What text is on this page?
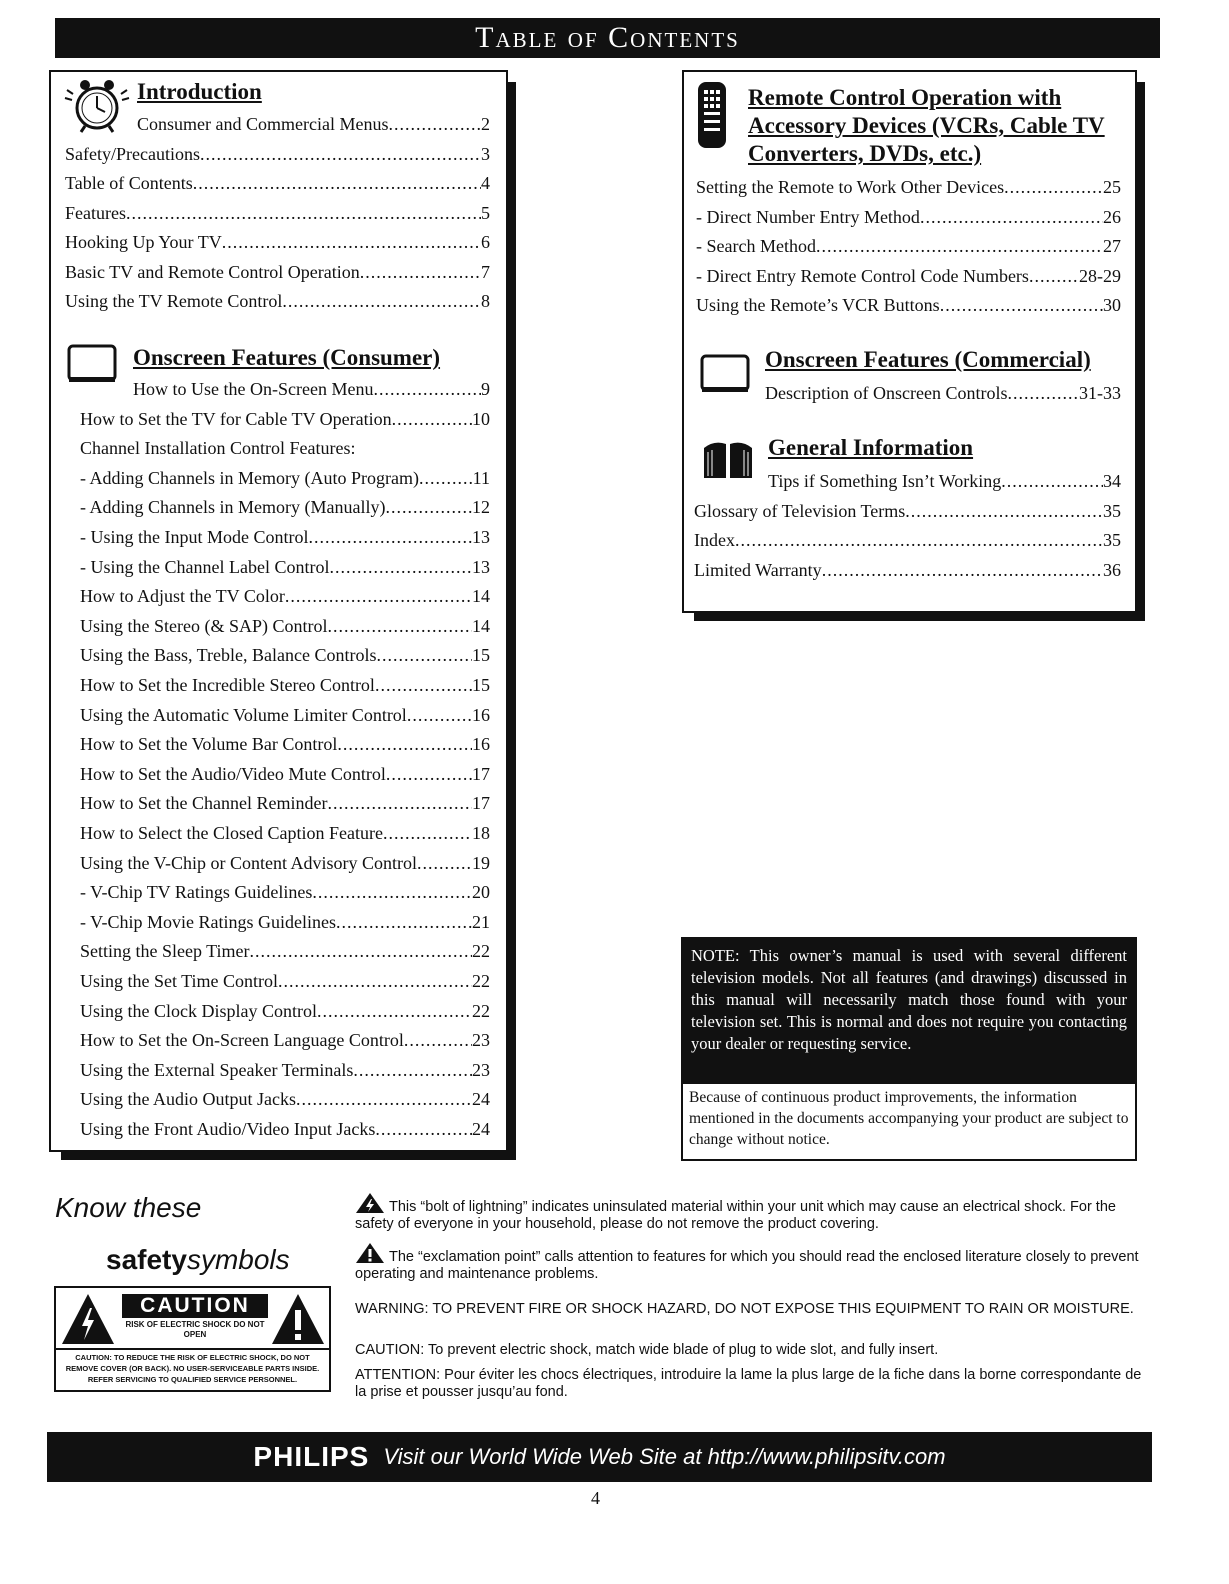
Table of Contents
Introduction
Consumer and Commercial Menus .....	2
Safety/Precautions .....	3
Table of Contents .....	4
Features .....	5
Hooking Up Your TV .....	6
Basic TV and Remote Control Operation .....	7
Using the TV Remote Control .....	8
Onscreen Features (Consumer)
How to Use the On-Screen Menu .....	9
How to Set the TV for Cable TV Operation .....	10
Channel Installation Control Features:
- Adding Channels in Memory (Auto Program) .....	11
- Adding Channels in Memory (Manually) .....	12
- Using the Input Mode Control .....	13
- Using the Channel Label Control .....	13
How to Adjust the TV Color .....	14
Using the Stereo (& SAP) Control .....	14
Using the Bass, Treble, Balance Controls .....	15
How to Set the Incredible Stereo Control .....	15
Using the Automatic Volume Limiter Control .....	16
How to Set the Volume Bar Control .....	16
How to Set the Audio/Video Mute Control .....	17
How to Set the Channel Reminder .....	17
How to Select the Closed Caption Feature .....	18
Using the V-Chip or Content Advisory Control .....	19
- V-Chip TV Ratings Guidelines .....	20
- V-Chip Movie Ratings Guidelines .....	21
Setting the Sleep Timer .....	22
Using the Set Time Control .....	22
Using the Clock Display Control .....	22
How to Set the On-Screen Language Control .....	23
Using the External Speaker Terminals .....	23
Using the Audio Output Jacks .....	24
Using the Front Audio/Video Input Jacks .....	24
Remote Control Operation with
Accessory Devices (VCRs, Cable TV
Converters, DVDs, etc.)
Setting the Remote to Work Other Devices .....	25
- Direct Number Entry Method .....	26
- Search Method .....	27
- Direct Entry Remote Control Code Numbers .....	28-29
Using the Remote’s VCR Buttons .....	30
Onscreen Features (Commercial)
Description of Onscreen Controls .....	31-33
General Information
Tips if Something Isn’t Working .....	34
Glossary of Television Terms .....	35
Index .....	35
Limited Warranty .....	36
NOTE: This owner’s manual is used with several different television models. Not all features (and drawings) discussed in this manual will necessarily match those found with your television set. This is normal and does not require you contacting your dealer or requesting service.
Because of continuous product improvements, the information mentioned in the documents accompanying your product are subject to change without notice.
Know these
safetysymbols
CAUTION
RISK OF ELECTRIC SHOCK DO NOT OPEN
CAUTION: TO REDUCE THE RISK OF ELECTRIC SHOCK, DO NOT REMOVE COVER (OR BACK). NO USER-SERVICEABLE PARTS INSIDE. REFER SERVICING TO QUALIFIED SERVICE PERSONNEL.
This “bolt of lightning” indicates uninsulated material within your unit which may cause an electrical shock. For the safety of everyone in your household, please do not remove the product covering.
The “exclamation point” calls attention to features for which you should read the enclosed literature closely to prevent operating and maintenance problems.
WARNING: TO PREVENT FIRE OR SHOCK HAZARD, DO NOT EXPOSE THIS EQUIPMENT TO RAIN OR MOISTURE.
CAUTION: To prevent electric shock, match wide blade of plug to wide slot, and fully insert.
ATTENTION: Pour éviter les chocs électriques, introduire la lame la plus large de la fiche dans la borne correspondante de la prise et pousser jusqu’au fond.
PHILIPS Visit our World Wide Web Site at http://www.philipsitv.com
4
